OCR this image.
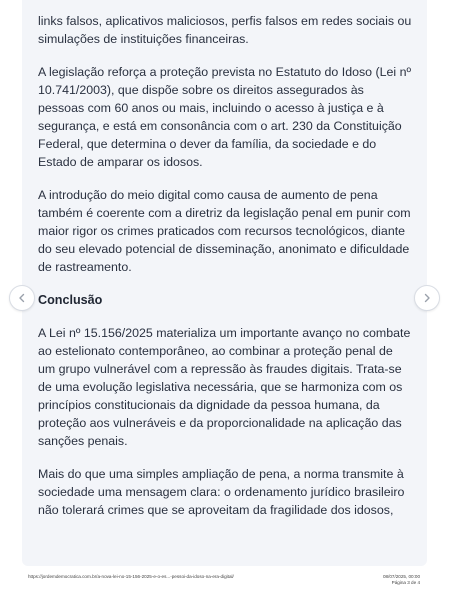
links falsos, aplicativos maliciosos, perfis falsos em redes sociais ou simulações de instituições financeiras.

A legislação reforça a proteção prevista no Estatuto do Idoso (Lei nº 10.741/2003), que dispõe sobre os direitos assegurados às pessoas com 60 anos ou mais, incluindo o acesso à justiça e à segurança, e está em consonância com o art. 230 da Constituição Federal, que determina o dever da família, da sociedade e do Estado de amparar os idosos.

A introdução do meio digital como causa de aumento de pena também é coerente com a diretriz da legislação penal em punir com maior rigor os crimes praticados com recursos tecnológicos, diante do seu elevado potencial de disseminação, anonimato e dificuldade de rastreamento.

Conclusão

A Lei nº 15.156/2025 materializa um importante avanço no combate ao estelionato contemporâneo, ao combinar a proteção penal de um grupo vulnerável com a repressão às fraudes digitais. Trata-se de uma evolução legislativa necessária, que se harmoniza com os princípios constitucionais da dignidade da pessoa humana, da proteção aos vulneráveis e da proporcionalidade na aplicação das sanções penais.

Mais do que uma simples ampliação de pena, a norma transmite à sociedade uma mensagem clara: o ordenamento jurídico brasileiro não tolerará crimes que se aproveitam da fragilidade dos idosos,

https://jordemdemocratica.com.br/a-nova-lei-no-15-156-2025-e-o-es...-pessoi-da-idoso-na-era-digital/	08/07/2025, 00:00
Página 3 de 4
